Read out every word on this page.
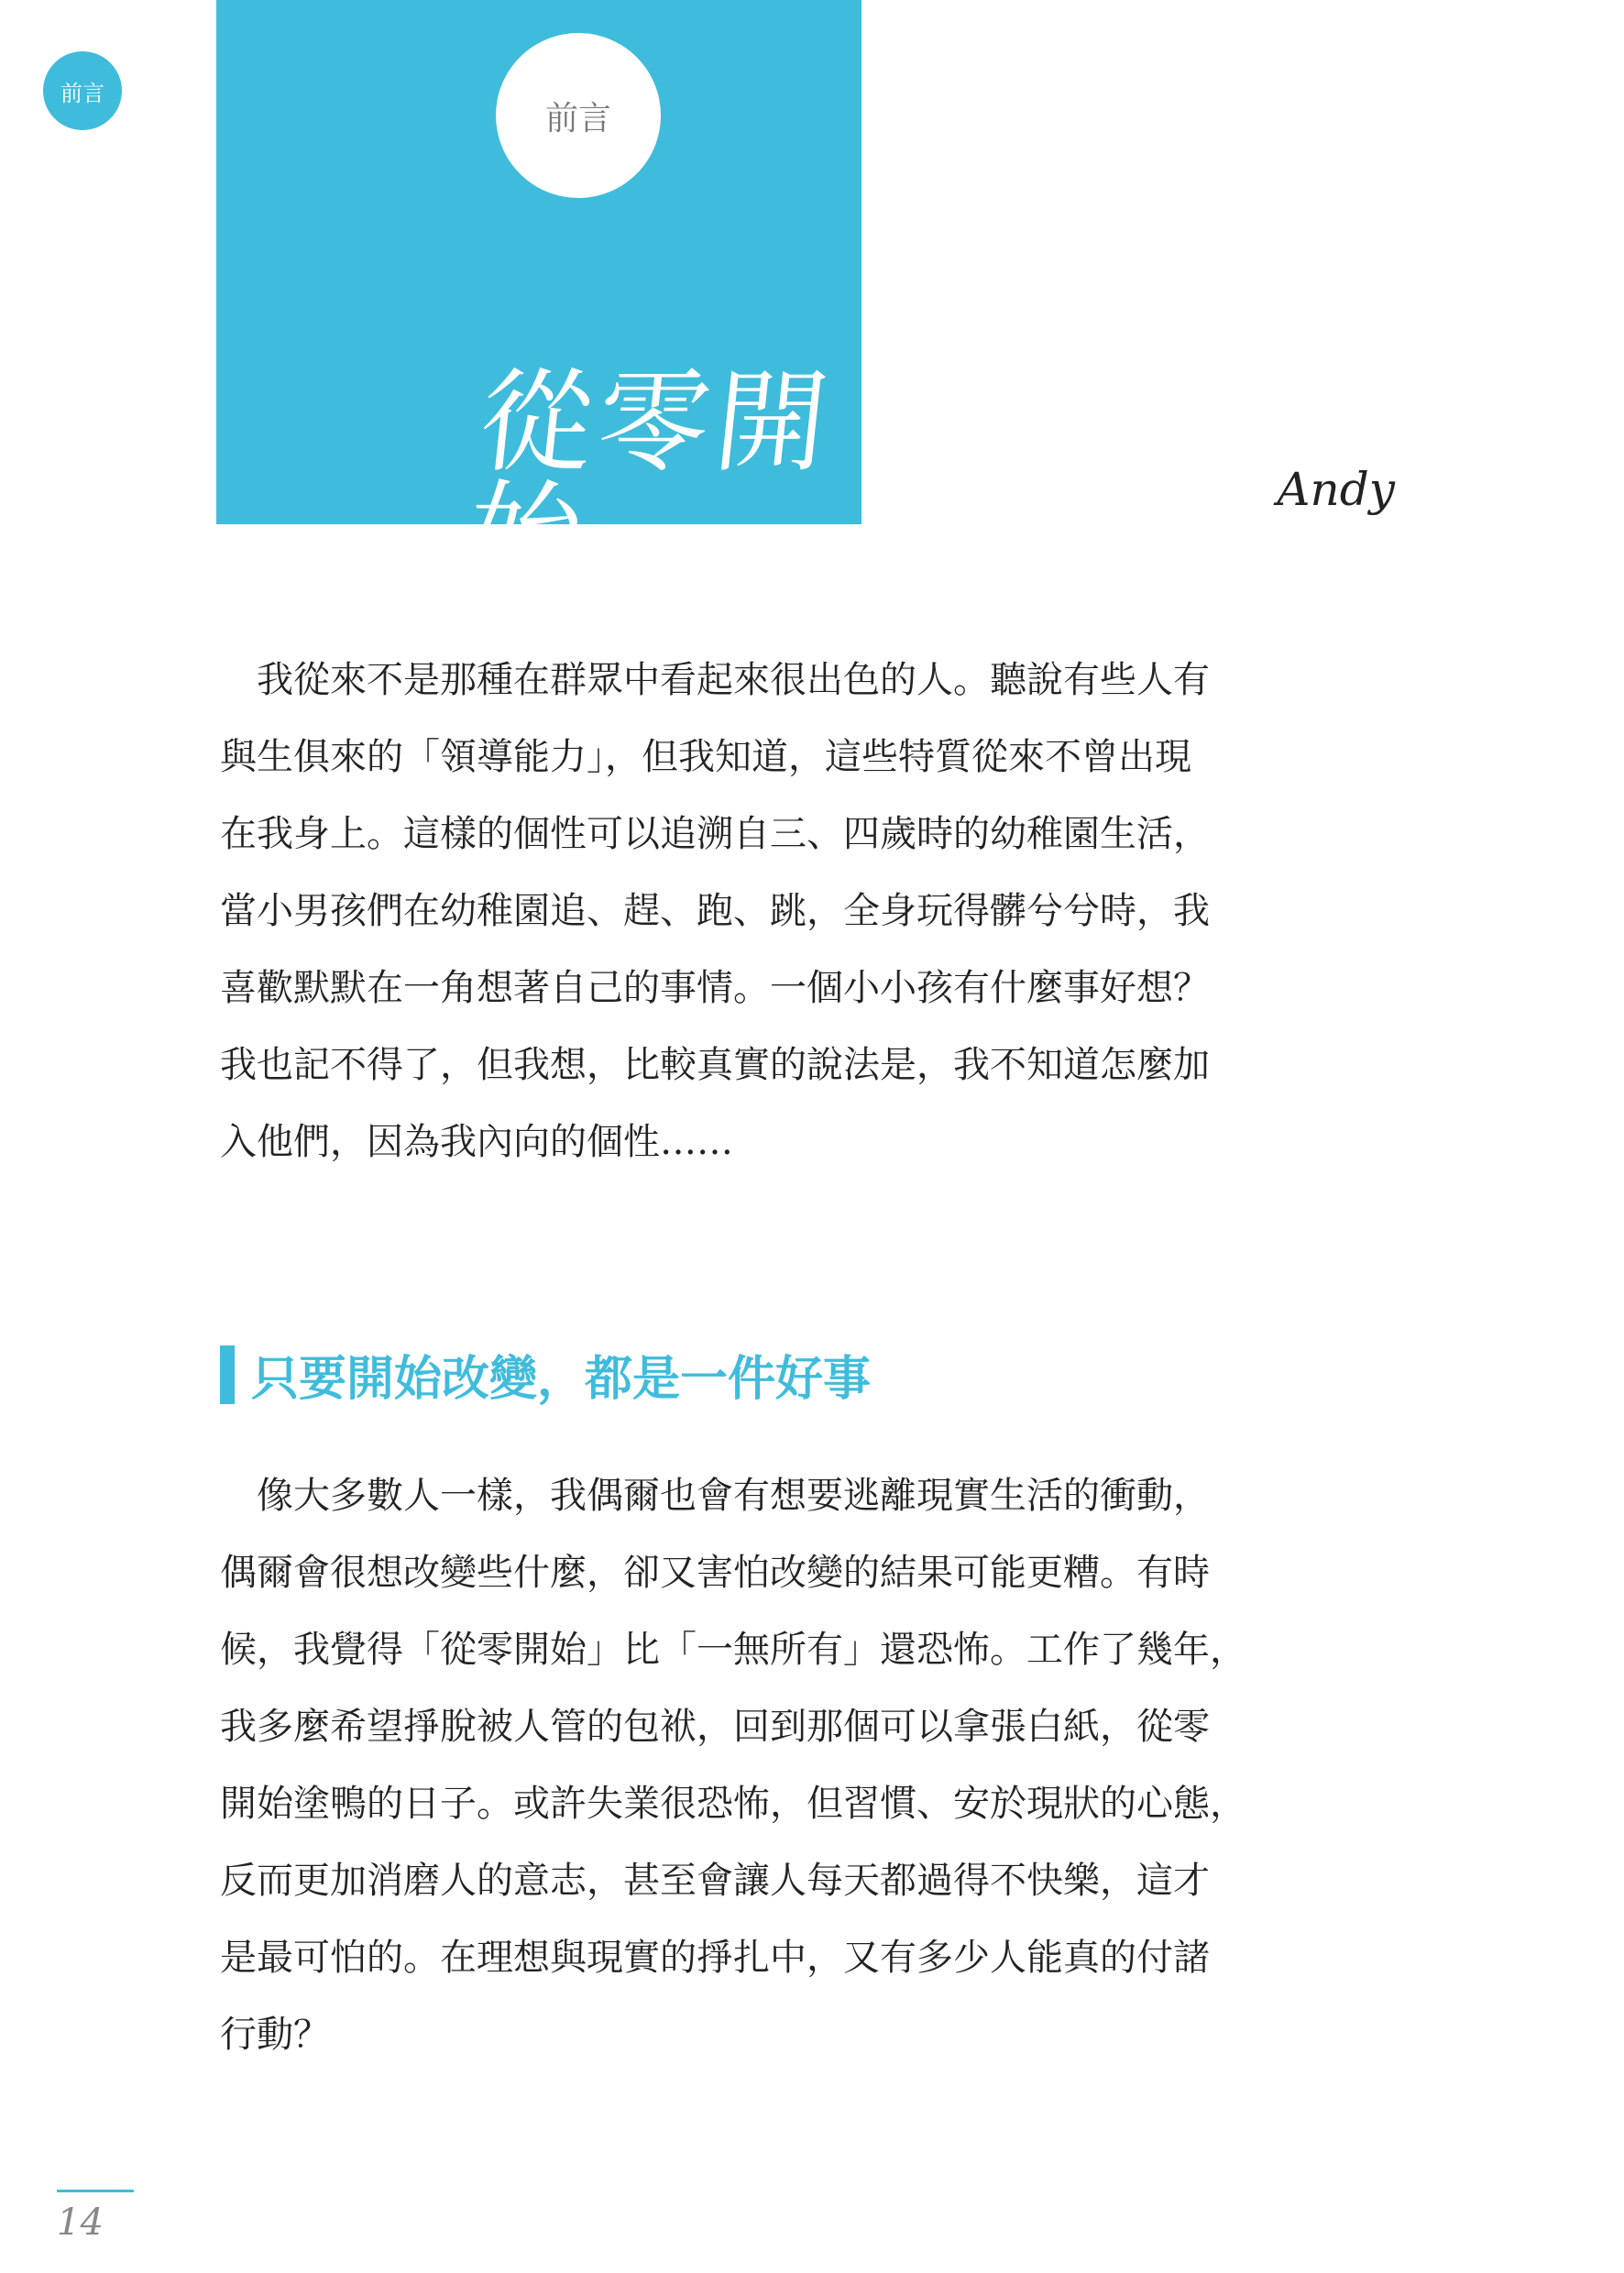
前言
前言
從零開始	Andy
　我從來不是那種在群眾中看起來很出色的人。聽說有些人有
與生俱來的「領導能力」，但我知道，這些特質從來不曾出現
在我身上。這樣的個性可以追溯自三、四歲時的幼稚園生活，
當小男孩們在幼稚園追、趕、跑、跳，全身玩得髒兮兮時，我
喜歡默默在一角想著自己的事情。一個小小孩有什麼事好想？
我也記不得了，但我想，比較真實的說法是，我不知道怎麼加
入他們，因為我內向的個性……
只要開始改變，都是一件好事
　像大多數人一樣，我偶爾也會有想要逃離現實生活的衝動，
偶爾會很想改變些什麼，卻又害怕改變的結果可能更糟。有時
候，我覺得「從零開始」比「一無所有」還恐怖。工作了幾年，
我多麼希望掙脫被人管的包袱，回到那個可以拿張白紙，從零
開始塗鴨的日子。或許失業很恐怖，但習慣、安於現狀的心態，
反而更加消磨人的意志，甚至會讓人每天都過得不快樂，這才
是最可怕的。在理想與現實的掙扎中，又有多少人能真的付諸
行動？
14
